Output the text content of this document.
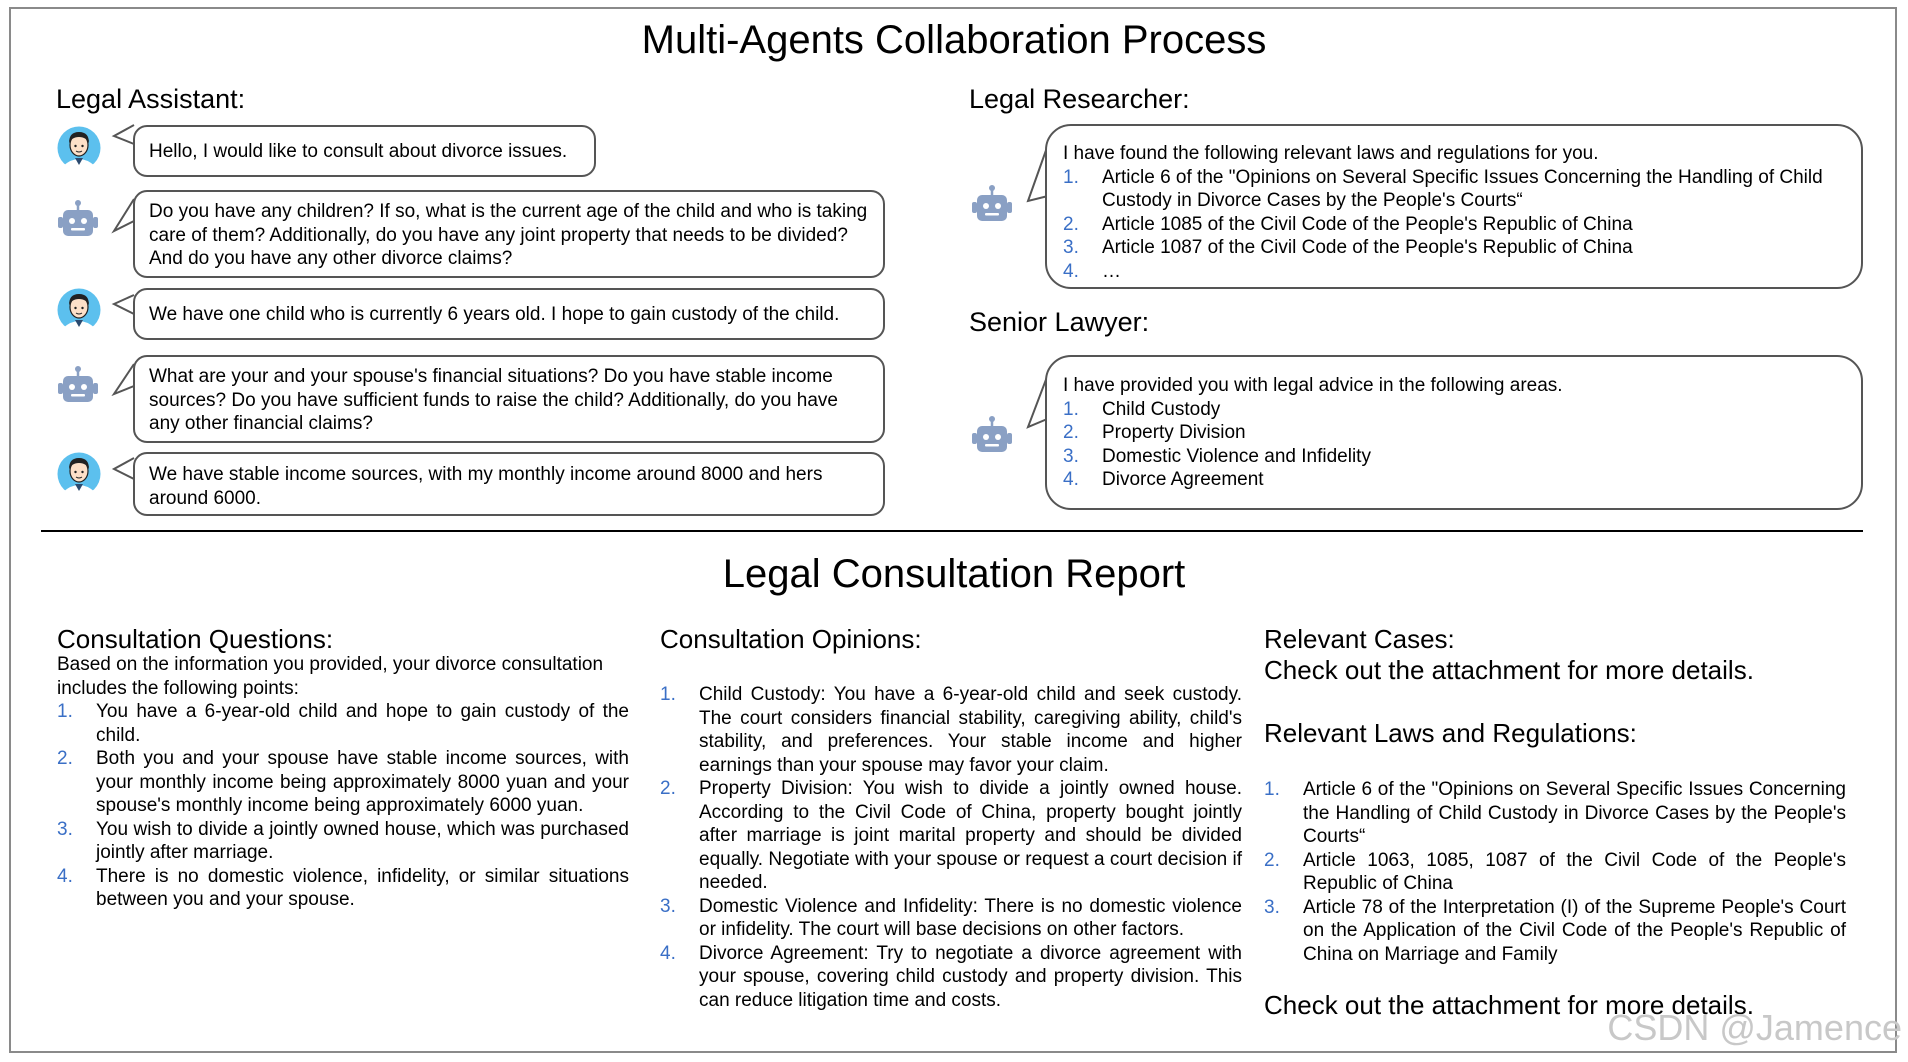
Multi-Agents Collaboration Process
Legal Assistant:
Hello, I would like to consult about divorce issues.
Do you have any children? If so, what is the current age of the child and who is taking care of them? Additionally, do you have any joint property that needs to be divided? And do you have any other divorce claims?
We have one child who is currently 6 years old. I hope to gain custody of the child.
What are your and your spouse's financial situations? Do you have stable income sources? Do you have sufficient funds to raise the child? Additionally, do you have any other financial claims?
We have stable income sources, with my monthly income around 8000 and hers around 6000.
Legal Researcher:
I have found the following relevant laws and regulations for you.
1. Article 6 of the "Opinions on Several Specific Issues Concerning the Handling of Child Custody in Divorce Cases by the People's Courts“
2. Article 1085 of the Civil Code of the People's Republic of China
3. Article 1087 of the Civil Code of the People's Republic of China
4. …
Senior Lawyer:
I have provided you with legal advice in the following areas.
1. Child Custody
2. Property Division
3. Domestic Violence and Infidelity
4. Divorce Agreement
Legal Consultation Report
Consultation Questions:
Based on the information you provided, your divorce consultation includes the following points:
1. You have a 6-year-old child and hope to gain custody of the child.
2. Both you and your spouse have stable income sources, with your monthly income being approximately 8000 yuan and your spouse's monthly income being approximately 6000 yuan.
3. You wish to divide a jointly owned house, which was purchased jointly after marriage.
4. There is no domestic violence, infidelity, or similar situations between you and your spouse.
Consultation Opinions:
1. Child Custody: You have a 6-year-old child and seek custody. The court considers financial stability, caregiving ability, child's stability, and preferences. Your stable income and higher earnings than your spouse may favor your claim.
2. Property Division: You wish to divide a jointly owned house. According to the Civil Code of China, property bought jointly after marriage is joint marital property and should be divided equally. Negotiate with your spouse or request a court decision if needed.
3. Domestic Violence and Infidelity: There is no domestic violence or infidelity. The court will base decisions on other factors.
4. Divorce Agreement: Try to negotiate a divorce agreement with your spouse, covering child custody and property division. This can reduce litigation time and costs.
Relevant Cases:
Check out the attachment for more details.
Relevant Laws and Regulations:
1. Article 6 of the "Opinions on Several Specific Issues Concerning the Handling of Child Custody in Divorce Cases by the People's Courts“
2. Article 1063, 1085, 1087 of the Civil Code of the People's Republic of China
3. Article 78 of the Interpretation (I) of the Supreme People's Court on the Application of the Civil Code of the People's Republic of China on Marriage and Family
Check out the attachment for more details.
CSDN @Jamence
